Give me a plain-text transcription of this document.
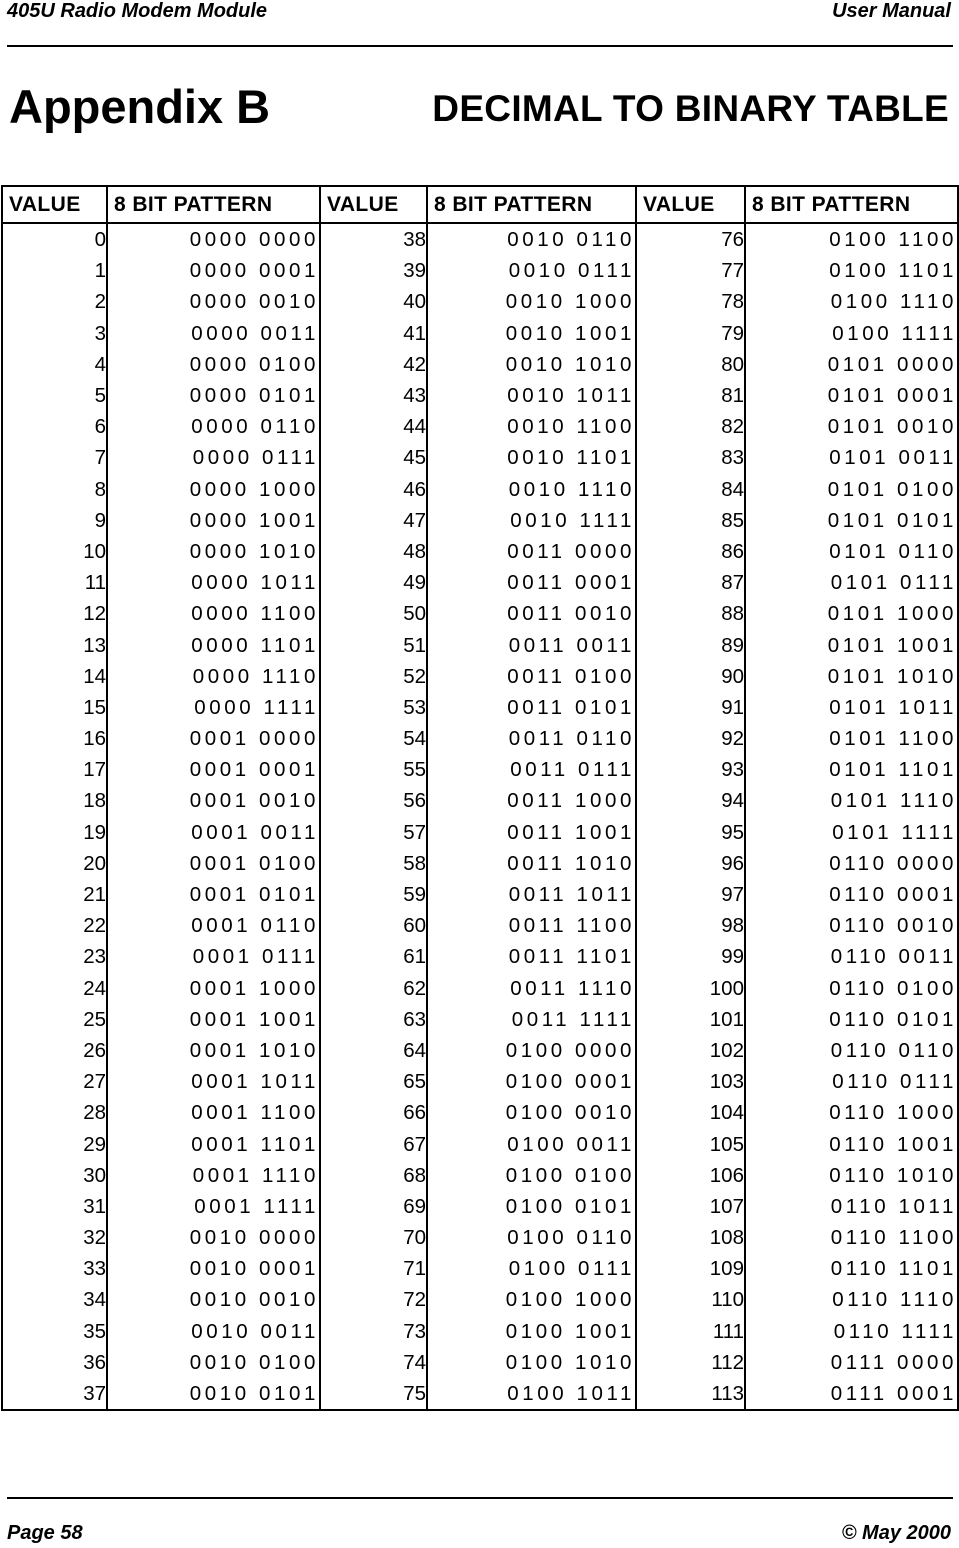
405U Radio Modem Module	User Manual
Appendix B	DECIMAL TO BINARY TABLE
VALUE	8 BIT PATTERN	VALUE	8 BIT PATTERN	VALUE	8 BIT PATTERN
0	0000 0000	38	0010 0110	76	0100 1100
1	0000 0001	39	0010 0111	77	0100 1101
2	0000 0010	40	0010 1000	78	0100 1110
3	0000 0011	41	0010 1001	79	0100 1111
4	0000 0100	42	0010 1010	80	0101 0000
5	0000 0101	43	0010 1011	81	0101 0001
6	0000 0110	44	0010 1100	82	0101 0010
7	0000 0111	45	0010 1101	83	0101 0011
8	0000 1000	46	0010 1110	84	0101 0100
9	0000 1001	47	0010 1111	85	0101 0101
10	0000 1010	48	0011 0000	86	0101 0110
11	0000 1011	49	0011 0001	87	0101 0111
12	0000 1100	50	0011 0010	88	0101 1000
13	0000 1101	51	0011 0011	89	0101 1001
14	0000 1110	52	0011 0100	90	0101 1010
15	0000 1111	53	0011 0101	91	0101 1011
16	0001 0000	54	0011 0110	92	0101 1100
17	0001 0001	55	0011 0111	93	0101 1101
18	0001 0010	56	0011 1000	94	0101 1110
19	0001 0011	57	0011 1001	95	0101 1111
20	0001 0100	58	0011 1010	96	0110 0000
21	0001 0101	59	0011 1011	97	0110 0001
22	0001 0110	60	0011 1100	98	0110 0010
23	0001 0111	61	0011 1101	99	0110 0011
24	0001 1000	62	0011 1110	100	0110 0100
25	0001 1001	63	0011 1111	101	0110 0101
26	0001 1010	64	0100 0000	102	0110 0110
27	0001 1011	65	0100 0001	103	0110 0111
28	0001 1100	66	0100 0010	104	0110 1000
29	0001 1101	67	0100 0011	105	0110 1001
30	0001 1110	68	0100 0100	106	0110 1010
31	0001 1111	69	0100 0101	107	0110 1011
32	0010 0000	70	0100 0110	108	0110 1100
33	0010 0001	71	0100 0111	109	0110 1101
34	0010 0010	72	0100 1000	110	0110 1110
35	0010 0011	73	0100 1001	111	0110 1111
36	0010 0100	74	0100 1010	112	0111 0000
37	0010 0101	75	0100 1011	113	0111 0001
Page 58	© May 2000
